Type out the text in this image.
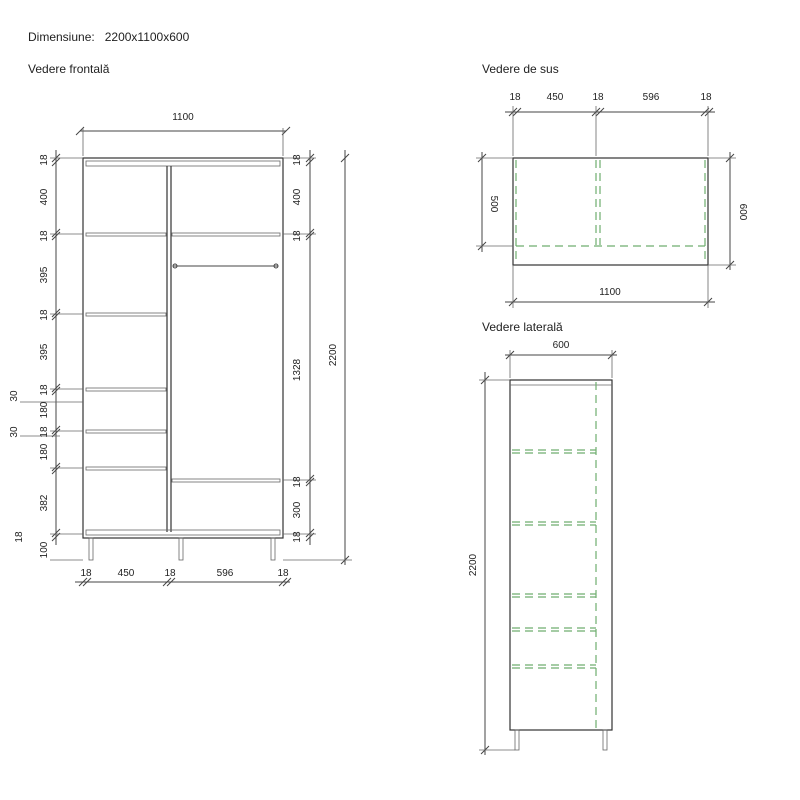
Dimensiune: 2200x1100x600
Vedere frontală	Vedere de sus
Vedere laterală
1100
18
400
18
395
18
395
18
180
18
180
382
18
100
30
30
18
400
18
1328
18
300
18
2200
18	450	18	596	18
18	450	18	596	18
500	600
1100
600
2200
